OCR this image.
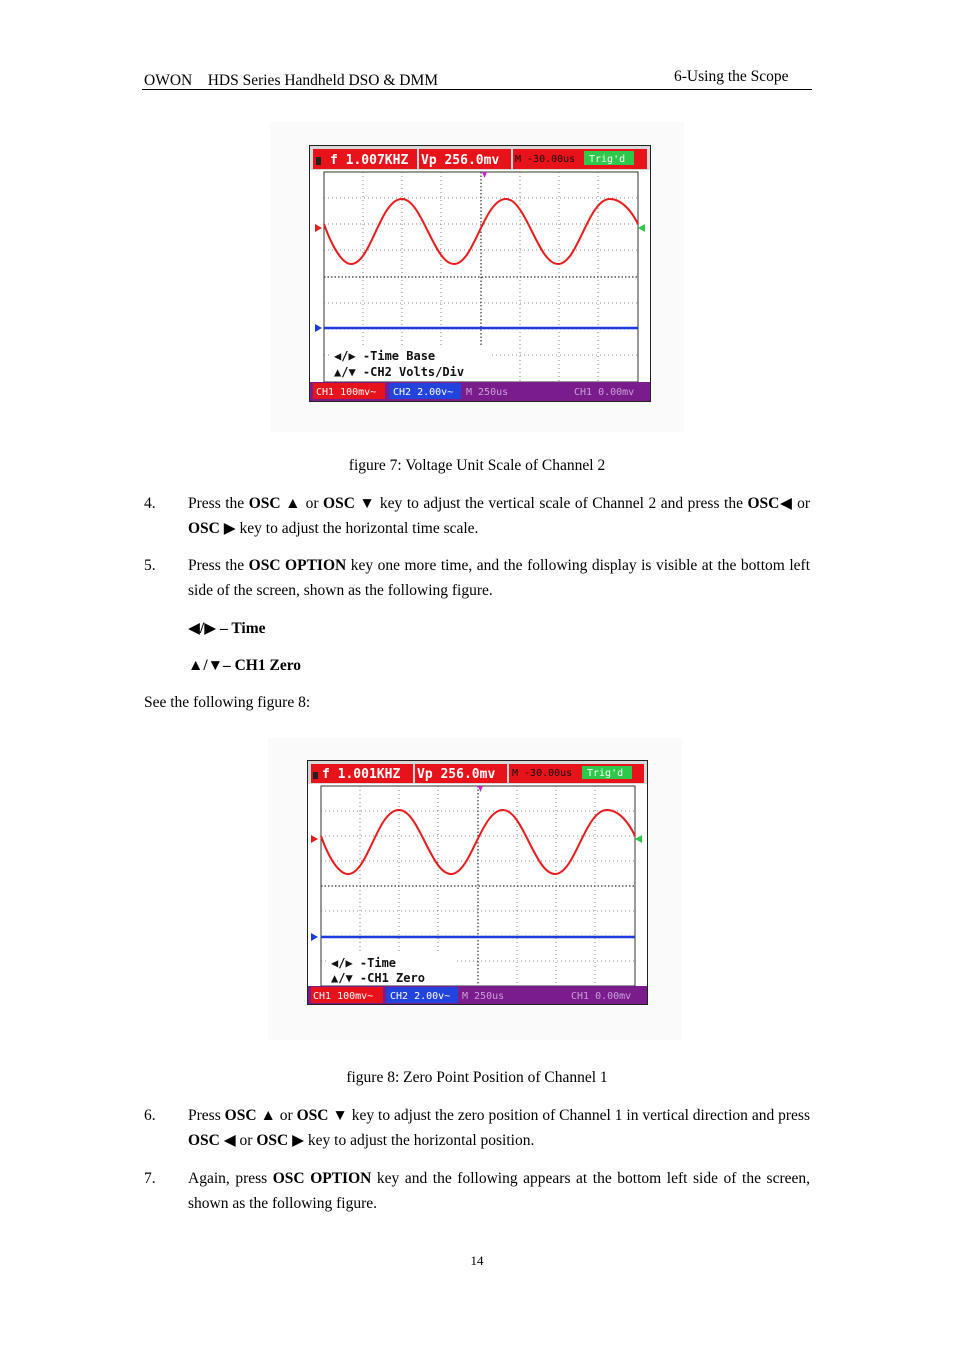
OWON　HDS Series Handheld DSO & DMM	6-Using the Scope
f 1.007KHZ Vp 256.0mv M -30.00us Trig'd
◀/▶ -Time Base
▲/▼ -CH2 Volts/Div
CH1 100mv~ CH2 2.00v~ M 250us	CH1 0.00mv
figure 7: Voltage Unit Scale of Channel 2
4. Press the OSC ▲ or OSC ▼ key to adjust the vertical scale of Channel 2 and press the OSC◀ or OSC ▶ key to adjust the horizontal time scale.
5. Press the OSC OPTION key one more time, and the following display is visible at the bottom left side of the screen, shown as the following figure.
◀/▶ – Time
▲/▼– CH1 Zero
See the following figure 8:
f 1.001KHZ Vp 256.0mv M -30.00us Trig'd
◀/▶ -Time
▲/▼ -CH1 Zero
CH1 100mv~ CH2 2.00v~ M 250us	CH1 0.00mv
figure 8: Zero Point Position of Channel 1
6. Press OSC ▲ or OSC ▼ key to adjust the zero position of Channel 1 in vertical direction and press OSC ◀ or OSC ▶ key to adjust the horizontal position.
7. Again, press OSC OPTION key and the following appears at the bottom left side of the screen, shown as the following figure.
14
